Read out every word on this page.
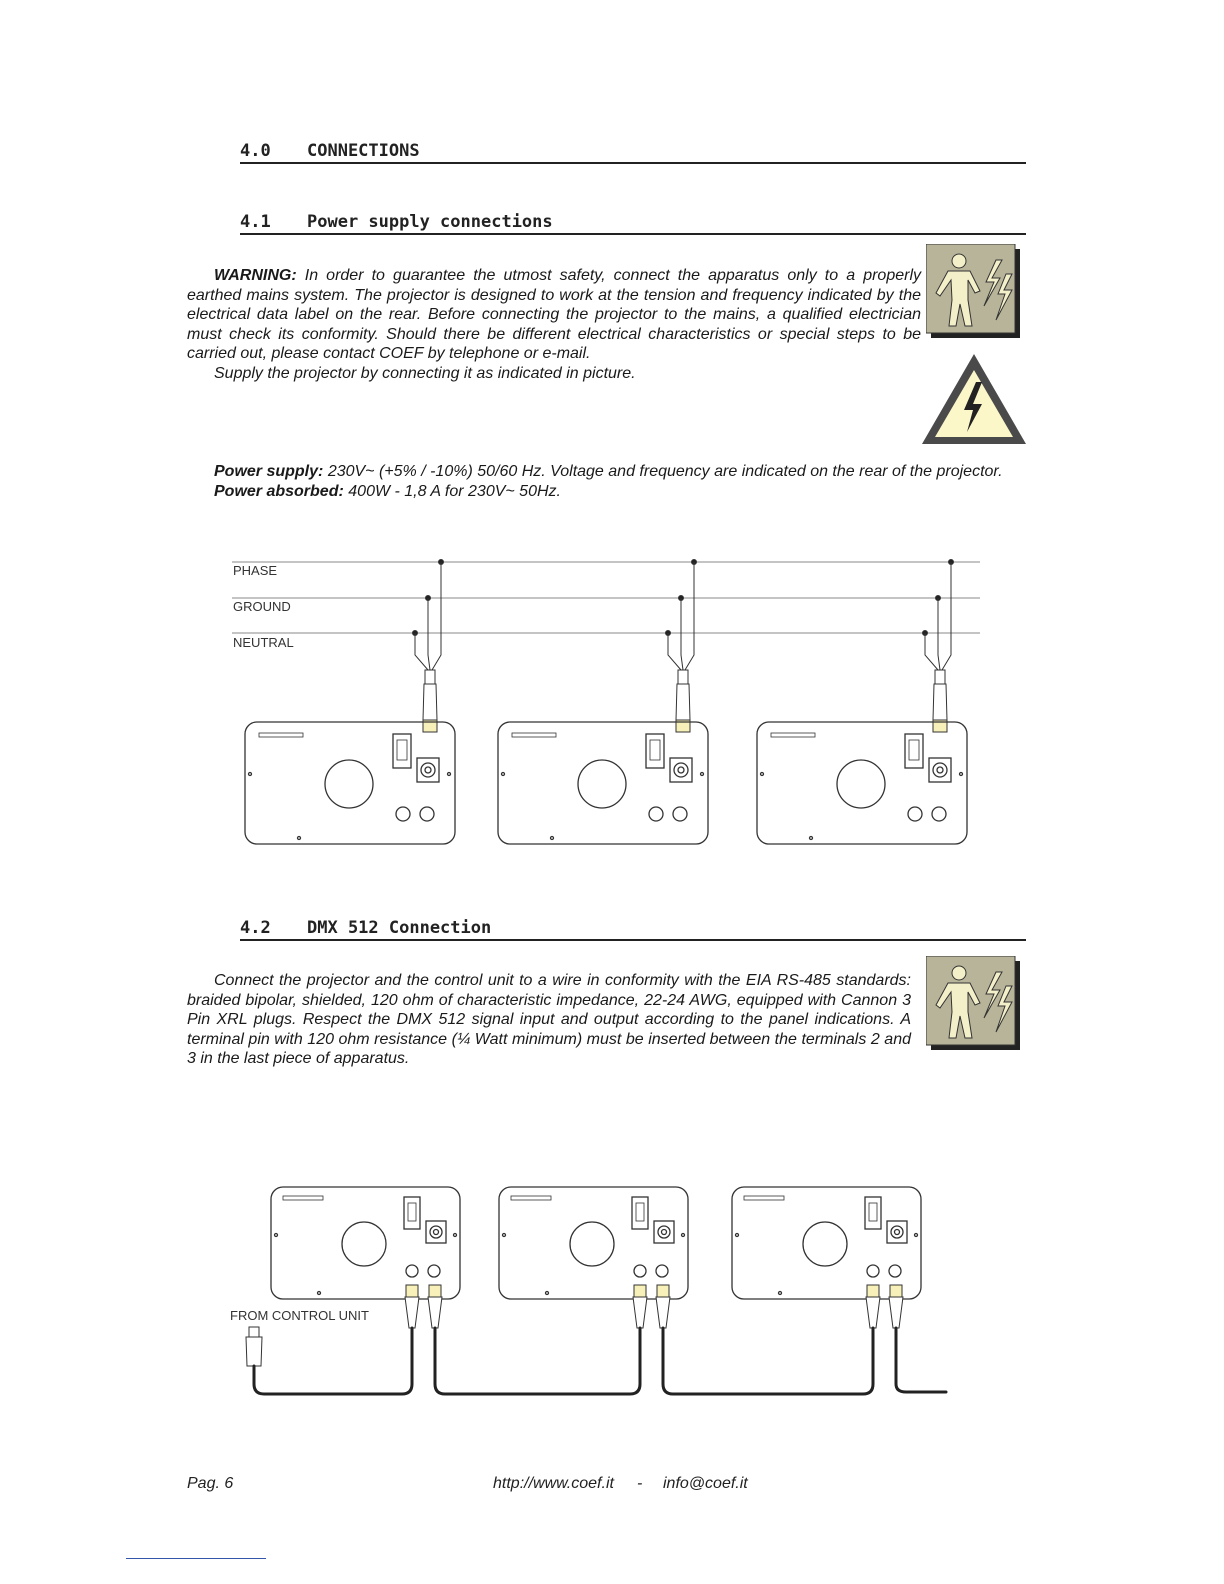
4.0 CONNECTIONS
4.1 Power supply connections
4.2 DMX 512 Connection

WARNING: In order to guarantee the utmost safety, connect the apparatus only to a properly earthed mains system. The projector is designed to work at the tension and frequency indicated by the electrical data label on the rear. Before connecting the projector to the mains, a qualified electrician must check its conformity. Should there be different electrical characteristics or special steps to be carried out, please contact COEF by telephone or e-mail.

Supply the projector by connecting it as indicated in picture.

Power supply: 230V~ (+5% / -10%) 50/60 Hz. Voltage and frequency are indicated on the rear of the projector.
Power absorbed: 400W - 1,8 A for 230V~ 50Hz.

Connect the projector and the control unit to a wire in conformity with the EIA RS-485 standards: braided bipolar, shielded, 120 ohm of characteristic impedance, 22-24 AWG, equipped with Cannon 3 Pin XRL plugs. Respect the DMX 512 signal input and output according to the panel indications. A terminal pin with 120 ohm resistance (¼ Watt minimum) must be inserted between the terminals 2 and 3 in the last piece of apparatus.

PHASE
GROUND
NEUTRAL
FROM CONTROL UNIT
Pag. 6	http://www.coef.it - info@coef.it
